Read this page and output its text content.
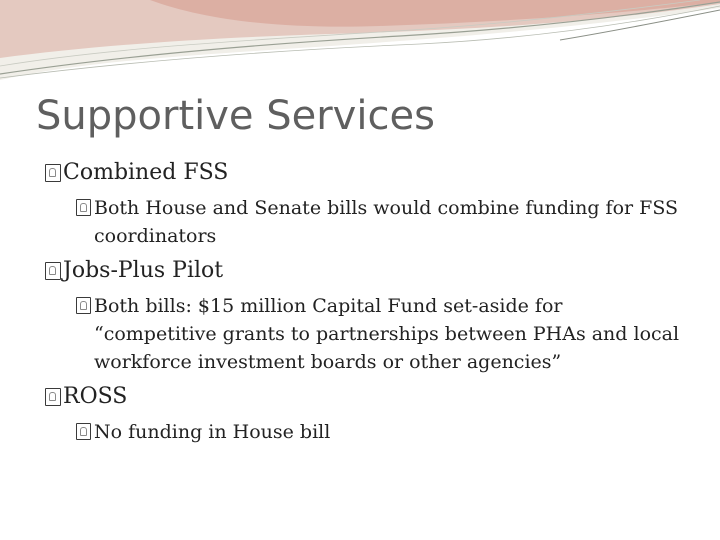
Supportive Services

Combined FSS

Both House and Senate bills would combine funding for FSS coordinators

Jobs-Plus Pilot

Both bills: $15 million Capital Fund set-aside for “competitive grants to partnerships between PHAs and local workforce investment boards or other agencies”

ROSS

No funding in House bill
